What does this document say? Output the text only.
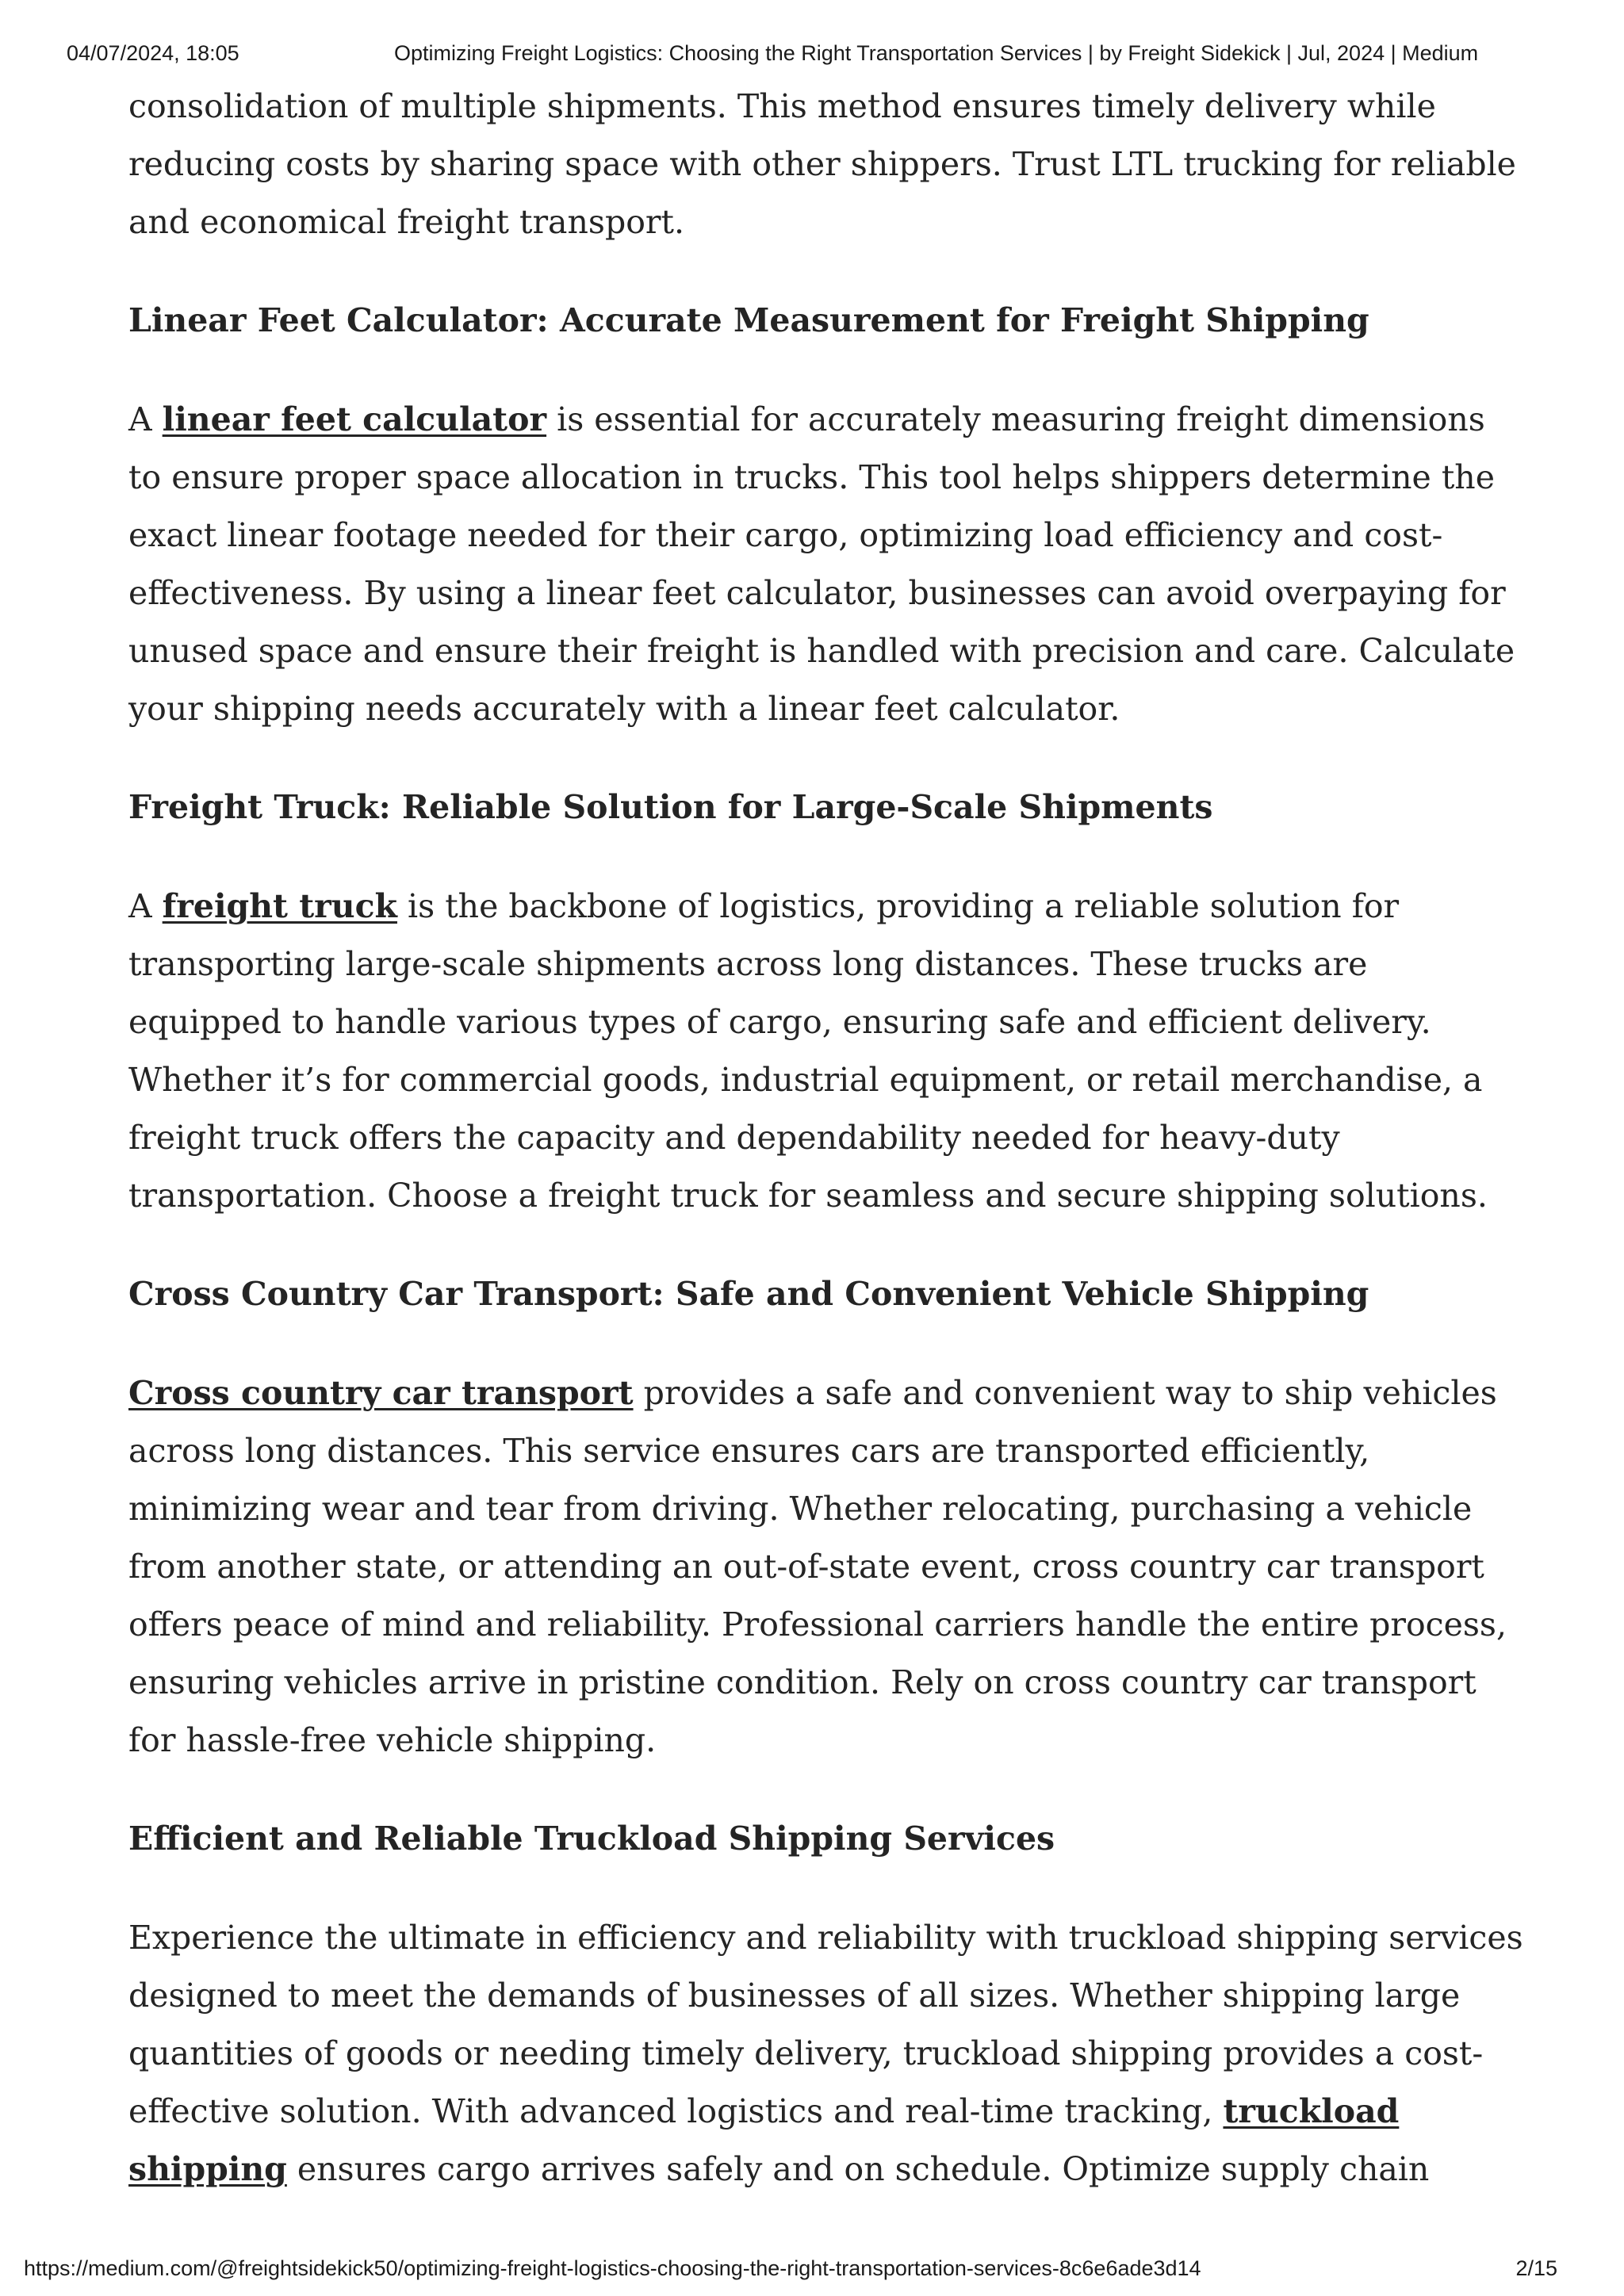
04/07/2024, 18:05	Optimizing Freight Logistics: Choosing the Right Transportation Services | by Freight Sidekick | Jul, 2024 | Medium

consolidation of multiple shipments. This method ensures timely delivery while reducing costs by sharing space with other shippers. Trust LTL trucking for reliable and economical freight transport.

Linear Feet Calculator: Accurate Measurement for Freight Shipping

A linear feet calculator is essential for accurately measuring freight dimensions to ensure proper space allocation in trucks. This tool helps shippers determine the exact linear footage needed for their cargo, optimizing load efficiency and cost-effectiveness. By using a linear feet calculator, businesses can avoid overpaying for unused space and ensure their freight is handled with precision and care. Calculate your shipping needs accurately with a linear feet calculator.

Freight Truck: Reliable Solution for Large-Scale Shipments

A freight truck is the backbone of logistics, providing a reliable solution for transporting large-scale shipments across long distances. These trucks are equipped to handle various types of cargo, ensuring safe and efficient delivery. Whether it’s for commercial goods, industrial equipment, or retail merchandise, a freight truck offers the capacity and dependability needed for heavy-duty transportation. Choose a freight truck for seamless and secure shipping solutions.

Cross Country Car Transport: Safe and Convenient Vehicle Shipping

Cross country car transport provides a safe and convenient way to ship vehicles across long distances. This service ensures cars are transported efficiently, minimizing wear and tear from driving. Whether relocating, purchasing a vehicle from another state, or attending an out-of-state event, cross country car transport offers peace of mind and reliability. Professional carriers handle the entire process, ensuring vehicles arrive in pristine condition. Rely on cross country car transport for hassle-free vehicle shipping.

Efficient and Reliable Truckload Shipping Services

Experience the ultimate in efficiency and reliability with truckload shipping services designed to meet the demands of businesses of all sizes. Whether shipping large quantities of goods or needing timely delivery, truckload shipping provides a cost-effective solution. With advanced logistics and real-time tracking, truckload shipping ensures cargo arrives safely and on schedule. Optimize supply chain

https://medium.com/@freightsidekick50/optimizing-freight-logistics-choosing-the-right-transportation-services-8c6e6ade3d14	2/15
